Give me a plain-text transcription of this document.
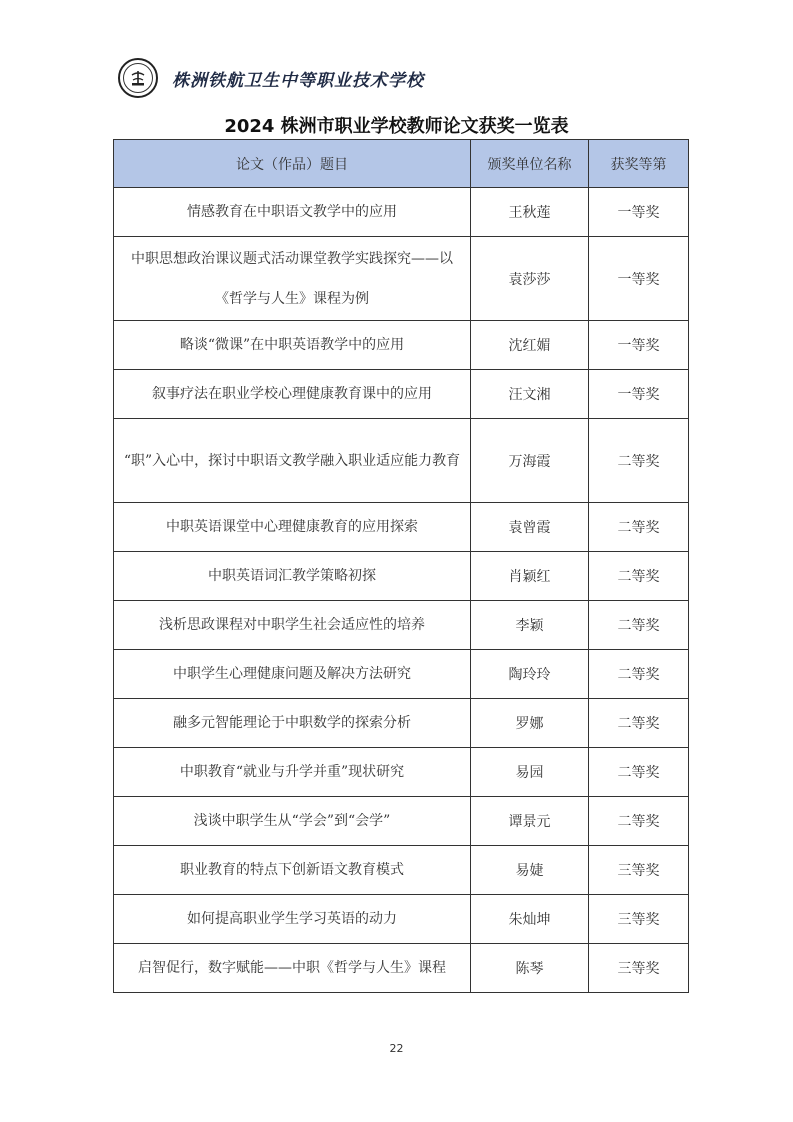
株洲铁航卫生中等职业技术学校
2024 株洲市职业学校教师论文获奖一览表
论文（作品）题目	颁奖单位名称	获奖等第
情感教育在中职语文教学中的应用	王秋莲	一等奖
中职思想政治课议题式活动课堂教学实践探究——以《哲学与人生》课程为例	袁莎莎	一等奖
略谈“微课”在中职英语教学中的应用	沈红媚	一等奖
叙事疗法在职业学校心理健康教育课中的应用	汪文湘	一等奖
“职”入心中，探讨中职语文教学融入职业适应能力教育	万海霞	二等奖
中职英语课堂中心理健康教育的应用探索	袁曾霞	二等奖
中职英语词汇教学策略初探	肖颖红	二等奖
浅析思政课程对中职学生社会适应性的培养	李颖	二等奖
中职学生心理健康问题及解决方法研究	陶玲玲	二等奖
融多元智能理论于中职数学的探索分析	罗娜	二等奖
中职教育“就业与升学并重”现状研究	易园	二等奖
浅谈中职学生从“学会”到“会学”	谭景元	二等奖
职业教育的特点下创新语文教育模式	易婕	三等奖
如何提高职业学生学习英语的动力	朱灿坤	三等奖
启智促行，数字赋能——中职《哲学与人生》课程	陈琴	三等奖
22
